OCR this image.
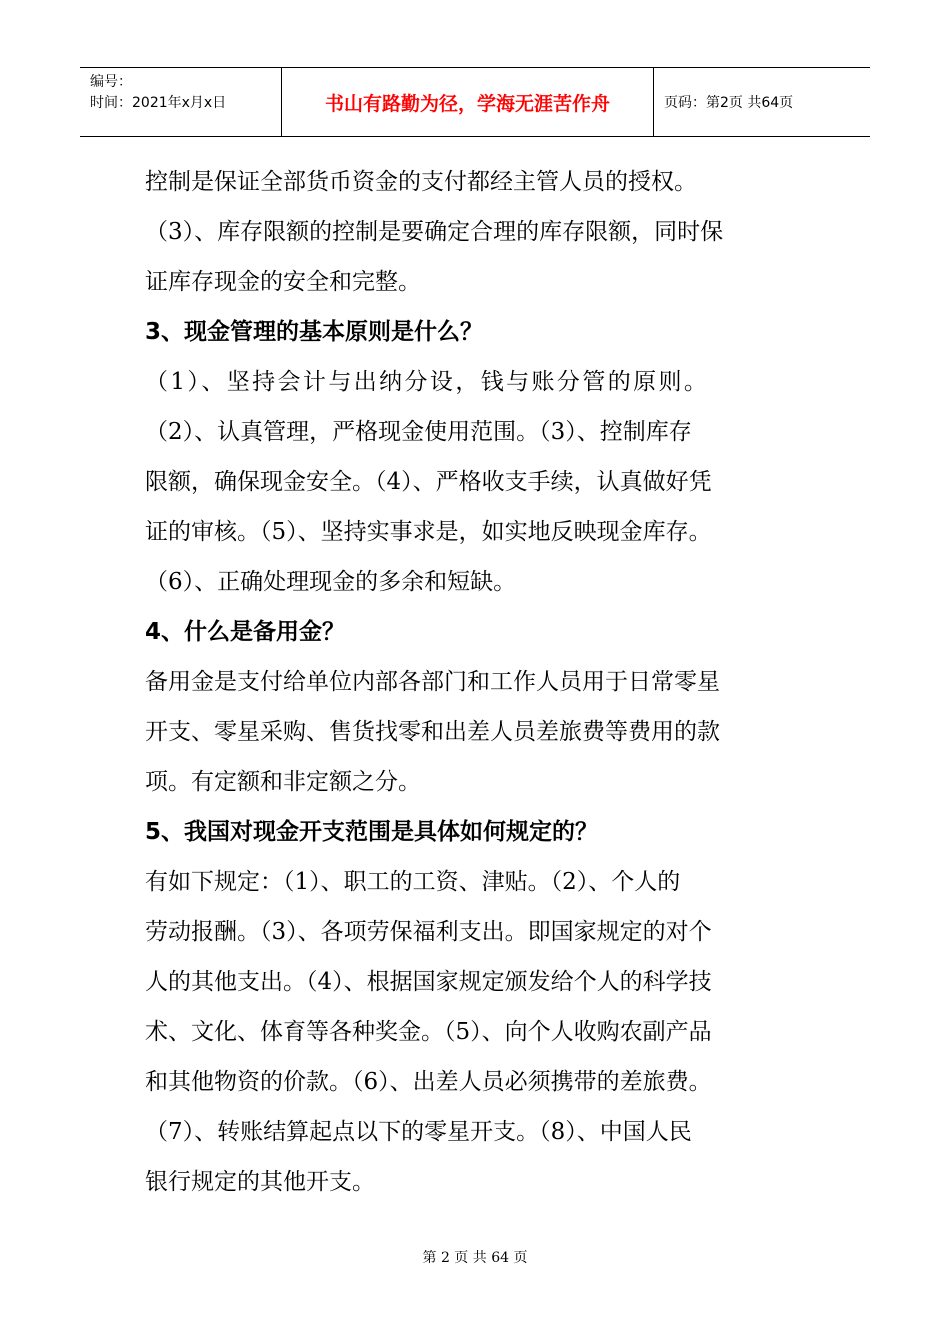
编号：
时间：2021年x月x日	书山有路勤为径，学海无涯苦作舟	页码：第2页 共64页
控制是保证全部货币资金的支付都经主管人员的授权。
（3）、库存限额的控制是要确定合理的库存限额，同时保
证库存现金的安全和完整。
3、现金管理的基本原则是什么？
（1）、坚持会计与出纳分设，钱与账分管的原则。
（2）、认真管理，严格现金使用范围。（3）、控制库存
限额，确保现金安全。（4）、严格收支手续，认真做好凭
证的审核。（5）、坚持实事求是，如实地反映现金库存。
（6）、正确处理现金的多余和短缺。
4、什么是备用金？
备用金是支付给单位内部各部门和工作人员用于日常零星
开支、零星采购、售货找零和出差人员差旅费等费用的款
项。有定额和非定额之分。
5、我国对现金开支范围是具体如何规定的？
有如下规定：（1）、职工的工资、津贴。（2）、个人的
劳动报酬。（3）、各项劳保福利支出。即国家规定的对个
人的其他支出。（4）、根据国家规定颁发给个人的科学技
术、文化、体育等各种奖金。（5）、向个人收购农副产品
和其他物资的价款。（6）、出差人员必须携带的差旅费。
（7）、转账结算起点以下的零星开支。（8）、中国人民
银行规定的其他开支。
第 2 页 共 64 页
